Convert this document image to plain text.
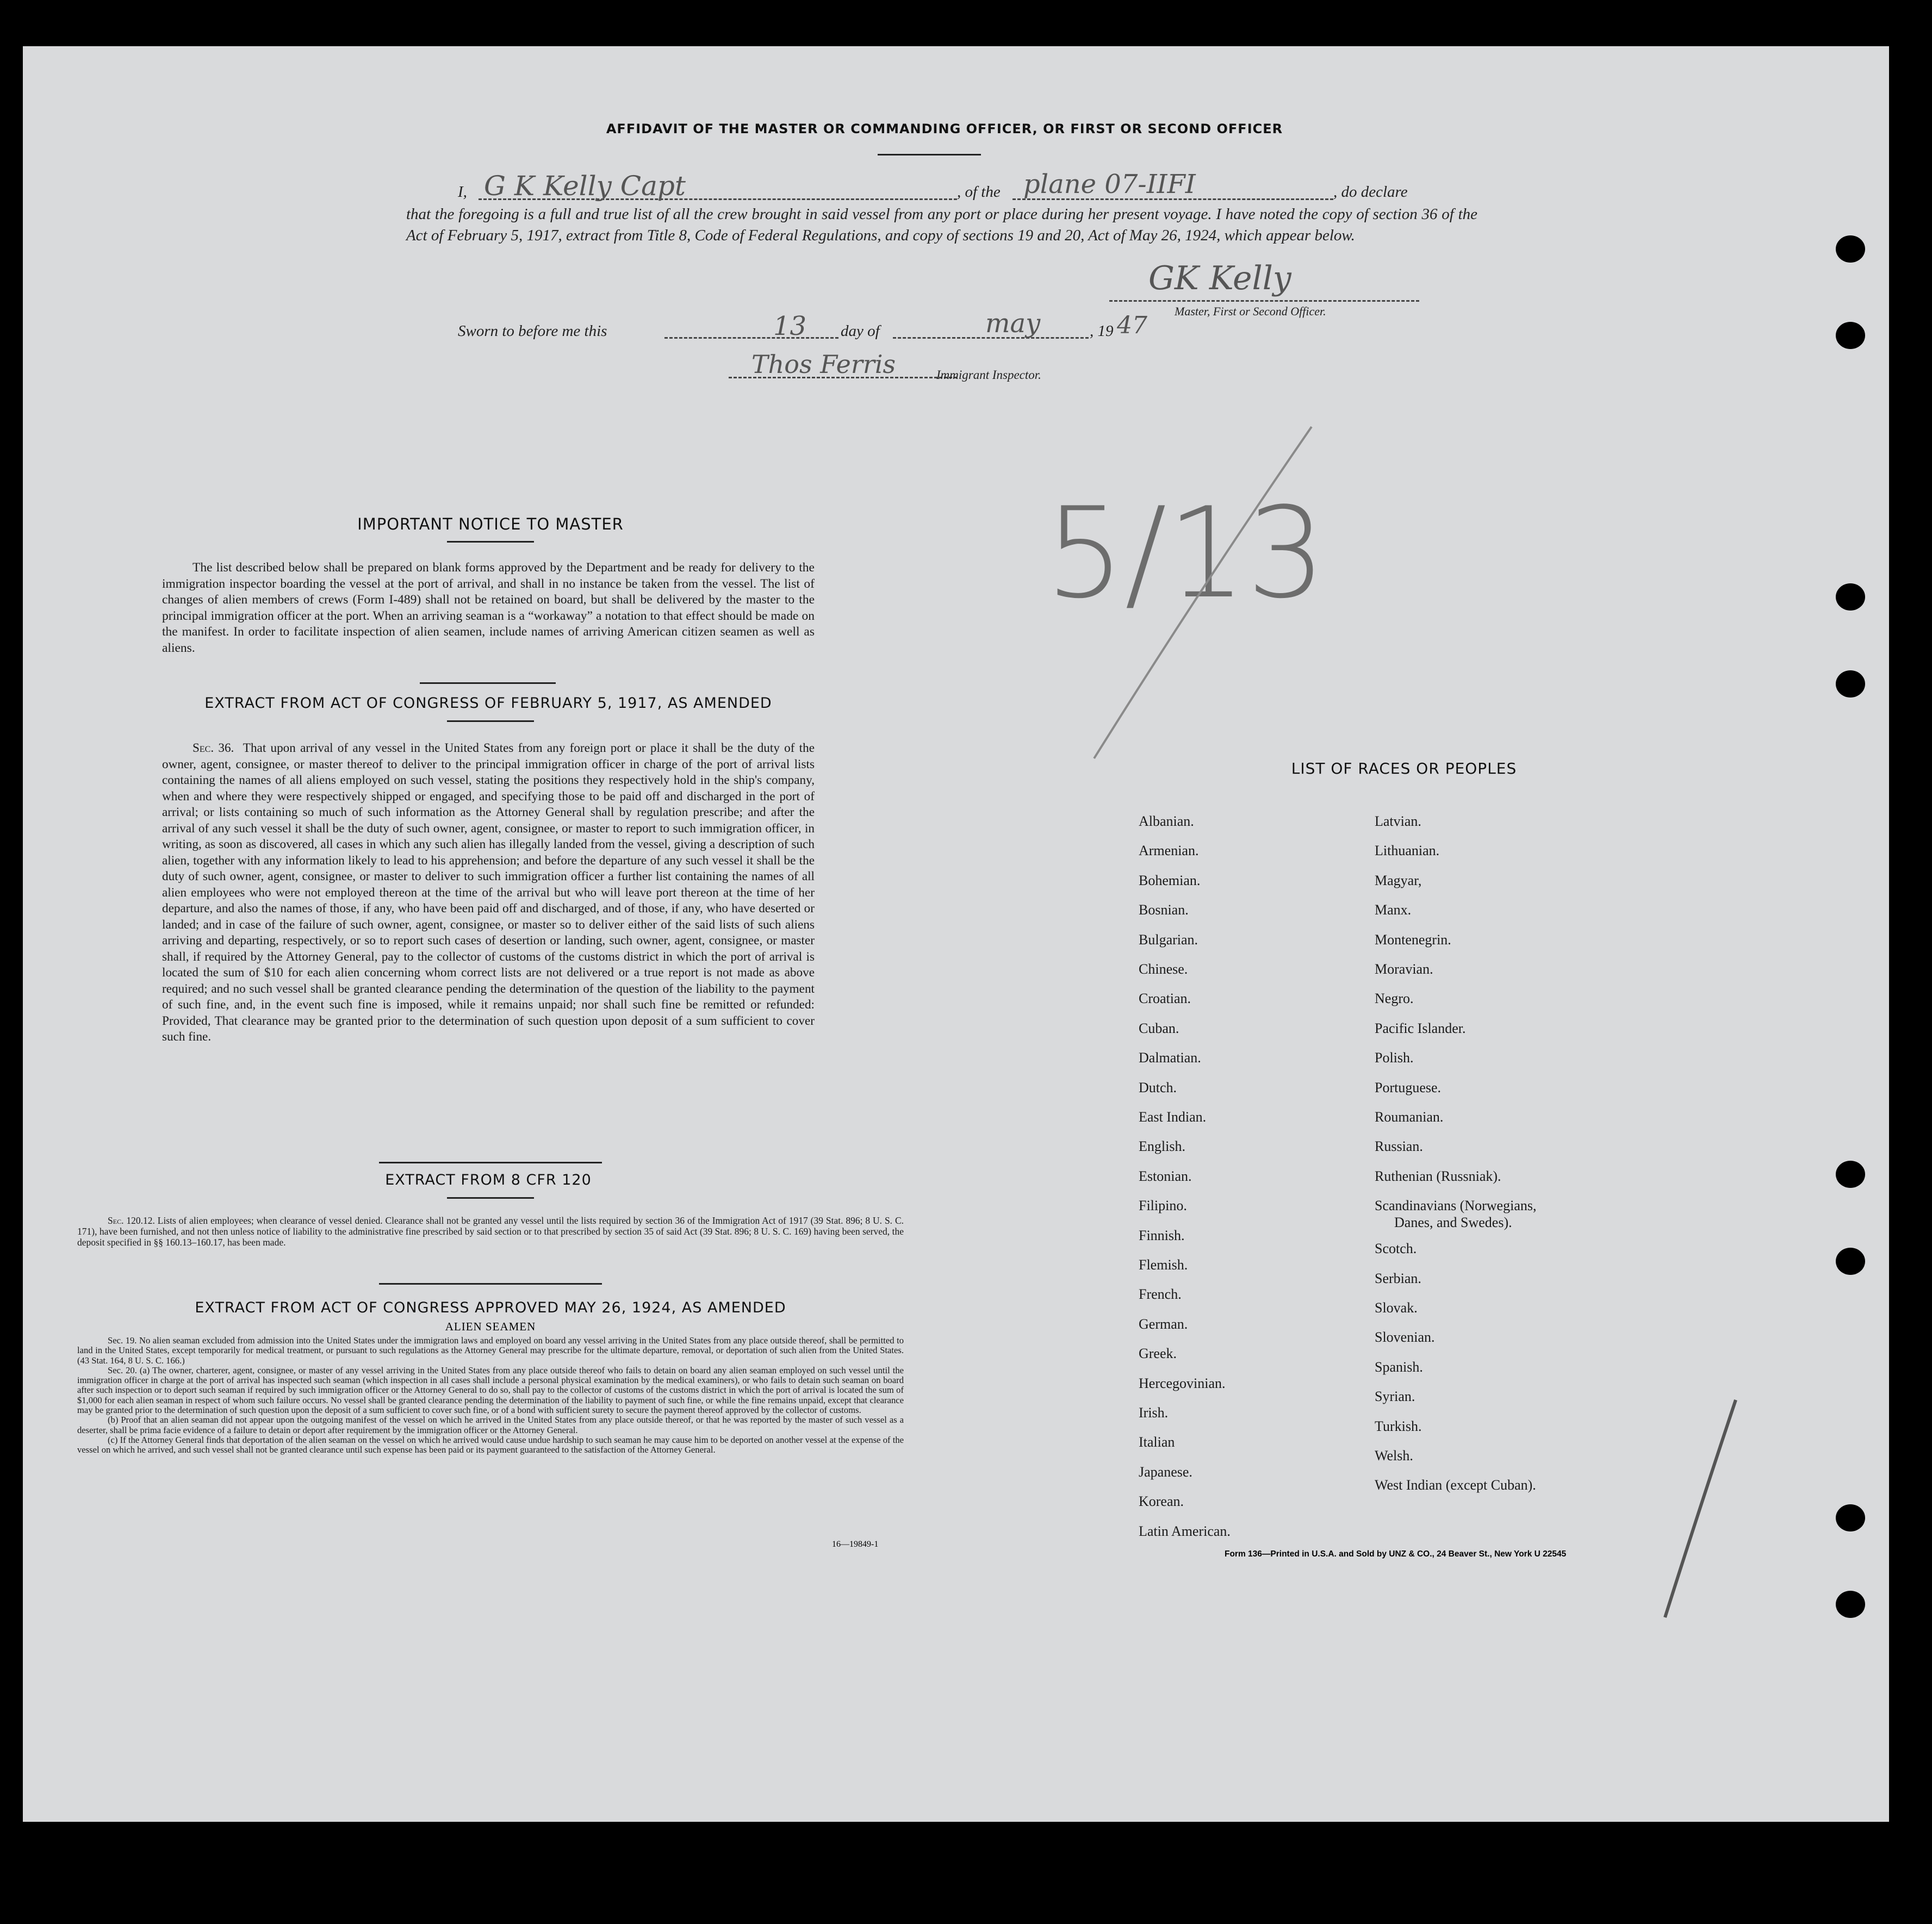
AFFIDAVIT OF THE MASTER OR COMMANDING OFFICER, OR FIRST OR SECOND OFFICER
I, G K Kelly Capt	, of the plane 07-IIFI	, do declare
that the foregoing is a full and true list of all the crew brought in said vessel from any port or place during her present voyage. I have noted the copy of section 36 of the Act of February 5, 1917, extract from Title 8, Code of Federal Regulations, and copy of sections 19 and 20, Act of May 26, 1924, which appear below.
GK Kelly
Master, First or Second Officer.
Sworn to before me this	13 day of	may	, 19 47
Thos Ferris	Immigrant Inspector.
5/13
IMPORTANT NOTICE TO MASTER
The list described below shall be prepared on blank forms approved by the Department and be ready for delivery to the immigration inspector boarding the vessel at the port of arrival, and shall in no instance be taken from the vessel. The list of changes of alien members of crews (Form I-489) shall not be retained on board, but shall be delivered by the master to the principal immigration officer at the port. When an arriving seaman is a “workaway” a notation to that effect should be made on the manifest. In order to facilitate inspection of alien seamen, include names of arriving American citizen seamen as well as aliens.
EXTRACT FROM ACT OF CONGRESS OF FEBRUARY 5, 1917, AS AMENDED
Sec. 36. That upon arrival of any vessel in the United States from any foreign port or place it shall be the duty of the owner, agent, consignee, or master thereof to deliver to the principal immigration officer in charge of the port of arrival lists containing the names of all aliens employed on such vessel, stating the positions they respectively hold in the ship's company, when and where they were respectively shipped or engaged, and specifying those to be paid off and discharged in the port of arrival; or lists containing so much of such information as the Attorney General shall by regulation prescribe; and after the arrival of any such vessel it shall be the duty of such owner, agent, consignee, or master to report to such immigration officer, in writing, as soon as discovered, all cases in which any such alien has illegally landed from the vessel, giving a description of such alien, together with any information likely to lead to his apprehension; and before the departure of any such vessel it shall be the duty of such owner, agent, consignee, or master to deliver to such immigration officer a further list containing the names of all alien employees who were not employed thereon at the time of the arrival but who will leave port thereon at the time of her departure, and also the names of those, if any, who have been paid off and discharged, and of those, if any, who have deserted or landed; and in case of the failure of such owner, agent, consignee, or master so to deliver either of the said lists of such aliens arriving and departing, respectively, or so to report such cases of desertion or landing, such owner, agent, consignee, or master shall, if required by the Attorney General, pay to the collector of customs of the customs district in which the port of arrival is located the sum of $10 for each alien concerning whom correct lists are not delivered or a true report is not made as above required; and no such vessel shall be granted clearance pending the determination of the question of the liability to the payment of such fine, and, in the event such fine is imposed, while it remains unpaid; nor shall such fine be remitted or refunded: Provided, That clearance may be granted prior to the determination of such question upon deposit of a sum sufficient to cover such fine.
EXTRACT FROM 8 CFR 120
Sec. 120.12. Lists of alien employees; when clearance of vessel denied. Clearance shall not be granted any vessel until the lists required by section 36 of the Immigration Act of 1917 (39 Stat. 896; 8 U. S. C. 171), have been furnished, and not then unless notice of liability to the administrative fine prescribed by said section or to that prescribed by section 35 of said Act (39 Stat. 896; 8 U. S. C. 169) having been served, the deposit specified in §§ 160.13–160.17, has been made.
EXTRACT FROM ACT OF CONGRESS APPROVED MAY 26, 1924, AS AMENDED
ALIEN SEAMEN

Sec. 19. No alien seaman excluded from admission into the United States under the immigration laws and employed on board any vessel arriving in the United States from any place outside thereof, shall be permitted to land in the United States, except temporarily for medical treatment, or pursuant to such regulations as the Attorney General may prescribe for the ultimate departure, removal, or deportation of such alien from the United States. (43 Stat. 164, 8 U. S. C. 166.)

Sec. 20. (a) The owner, charterer, agent, consignee, or master of any vessel arriving in the United States from any place outside thereof who fails to detain on board any alien seaman employed on such vessel until the immigration officer in charge at the port of arrival has inspected such seaman (which inspection in all cases shall include a personal physical examination by the medical examiners), or who fails to detain such seaman on board after such inspection or to deport such seaman if required by such immigration officer or the Attorney General to do so, shall pay to the collector of customs of the customs district in which the port of arrival is located the sum of $1,000 for each alien seaman in respect of whom such failure occurs. No vessel shall be granted clearance pending the determination of the liability to payment of such fine, or while the fine remains unpaid, except that clearance may be granted prior to the determination of such question upon the deposit of a sum sufficient to cover such fine, or of a bond with sufficient surety to secure the payment thereof approved by the collector of customs.

(b) Proof that an alien seaman did not appear upon the outgoing manifest of the vessel on which he arrived in the United States from any place outside thereof, or that he was reported by the master of such vessel as a deserter, shall be prima facie evidence of a failure to detain or deport after requirement by the immigration officer or the Attorney General.

(c) If the Attorney General finds that deportation of the alien seaman on the vessel on which he arrived would cause undue hardship to such seaman he may cause him to be deported on another vessel at the expense of the vessel on which he arrived, and such vessel shall not be granted clearance until such expense has been paid or its payment guaranteed to the satisfaction of the Attorney General.

16—19849-1
LIST OF RACES OR PEOPLES
Form 136—Printed in U.S.A. and Sold by UNZ & CO., 24 Beaver St., New York U 22545
Albanian.
Armenian.
Bohemian.
Bosnian.
Bulgarian.
Chinese.
Croatian.
Cuban.
Dalmatian.
Dutch.
East Indian.
English.
Estonian.
Filipino.
Finnish.
Flemish.
French.
German.
Greek.
Hercegovinian.
Irish.
Italian
Japanese.
Korean.
Latin American.
Latvian.
Lithuanian.
Magyar,
Manx.
Montenegrin.
Moravian.
Negro.
Pacific Islander.
Polish.
Portuguese.
Roumanian.
Russian.
Ruthenian (Russniak).
Scandinavians (Norwegians,
Danes, and Swedes).
Scotch.
Serbian.
Slovak.
Slovenian.
Spanish.
Syrian.
Turkish.
Welsh.
West Indian (except Cuban).
